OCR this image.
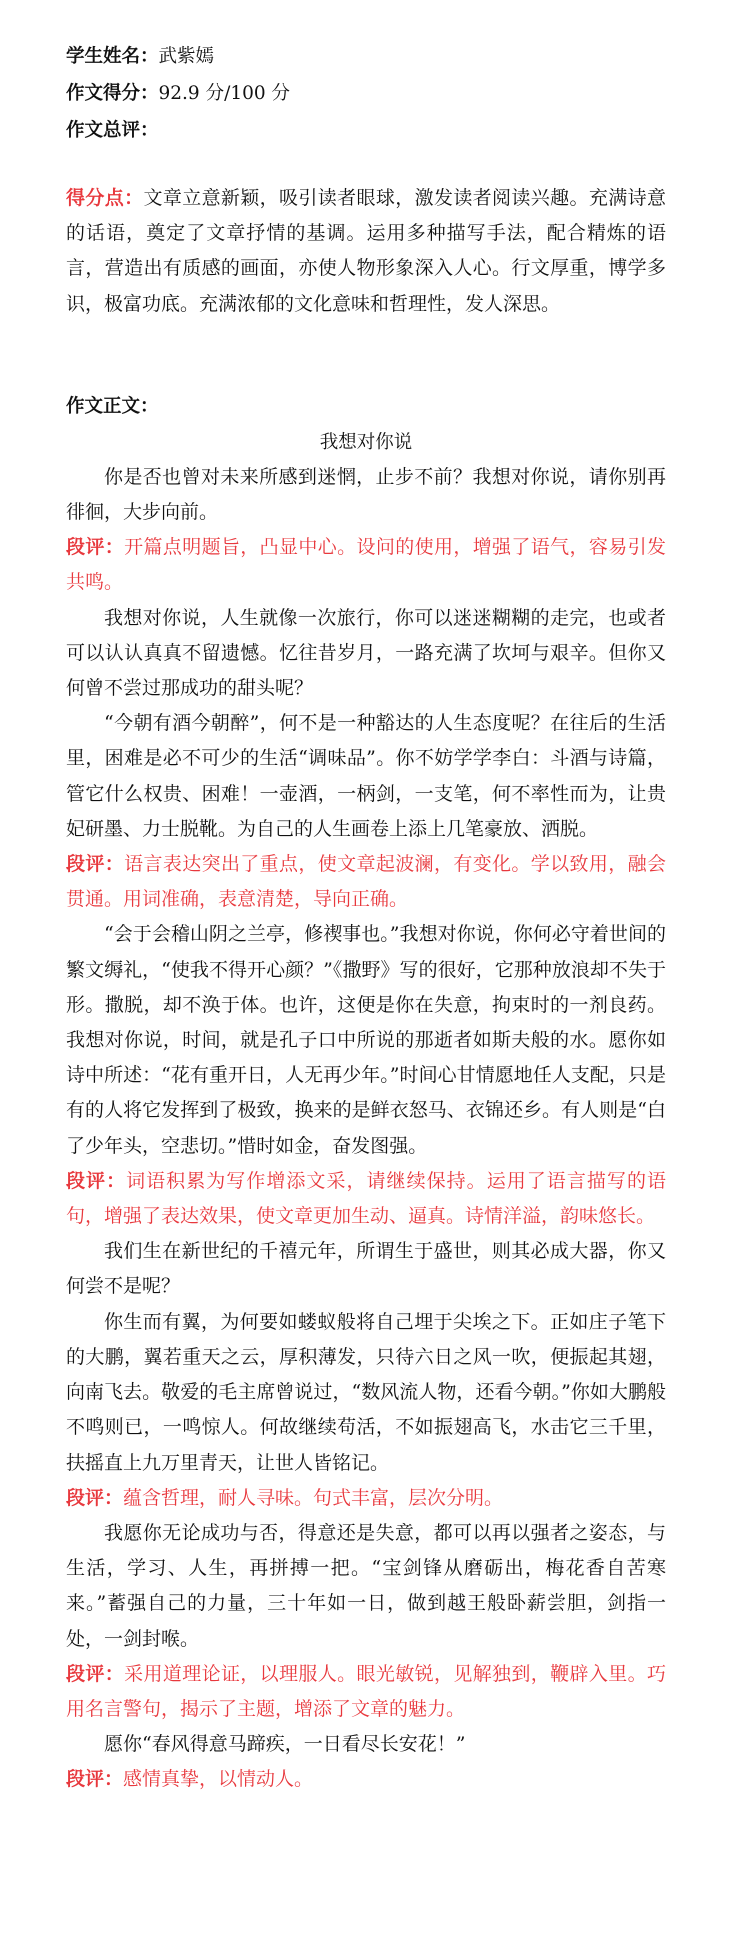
学生姓名：武紫嫣

作文得分：92.9 分/100 分

作文总评：

得分点：文章立意新颖，吸引读者眼球，激发读者阅读兴趣。充满诗意的话语，奠定了文章抒情的基调。运用多种描写手法，配合精炼的语言，营造出有质感的画面，亦使人物形象深入人心。行文厚重，博学多识，极富功底。充满浓郁的文化意味和哲理性，发人深思。

作文正文：

我想对你说

你是否也曾对未来所感到迷惘，止步不前？我想对你说，请你别再徘徊，大步向前。

段评：开篇点明题旨，凸显中心。设问的使用，增强了语气，容易引发共鸣。

我想对你说，人生就像一次旅行，你可以迷迷糊糊的走完，也或者可以认认真真不留遗憾。忆往昔岁月，一路充满了坎坷与艰辛。但你又何曾不尝过那成功的甜头呢？

“今朝有酒今朝醉”，何不是一种豁达的人生态度呢？在往后的生活里，困难是必不可少的生活“调味品”。你不妨学学李白：斗酒与诗篇，管它什么权贵、困难！一壶酒，一柄剑，一支笔，何不率性而为，让贵妃研墨、力士脱靴。为自己的人生画卷上添上几笔豪放、洒脱。

段评：语言表达突出了重点，使文章起波澜，有变化。学以致用，融会贯通。用词准确，表意清楚，导向正确。

“会于会稽山阴之兰亭，修禊事也。”我想对你说，你何必守着世间的繁文缛礼，“使我不得开心颜？”《撒野》写的很好，它那种放浪却不失于形。撒脱，却不涣于体。也许，这便是你在失意，拘束时的一剂良药。我想对你说，时间，就是孔子口中所说的那逝者如斯夫般的水。愿你如诗中所述：“花有重开日，人无再少年。”时间心甘情愿地任人支配，只是有的人将它发挥到了极致，换来的是鲜衣怒马、衣锦还乡。有人则是“白了少年头，空悲切。”惜时如金，奋发图强。

段评：词语积累为写作增添文采，请继续保持。运用了语言描写的语句，增强了表达效果，使文章更加生动、逼真。诗情洋溢，韵味悠长。

我们生在新世纪的千禧元年，所谓生于盛世，则其必成大器，你又何尝不是呢？

你生而有翼，为何要如蝼蚁般将自己埋于尖埃之下。正如庄子笔下的大鹏，翼若重天之云，厚积薄发，只待六日之风一吹，便振起其翅，向南飞去。敬爱的毛主席曾说过，“数风流人物，还看今朝。”你如大鹏般不鸣则已，一鸣惊人。何故继续苟活，不如振翅高飞，水击它三千里，扶摇直上九万里青天，让世人皆铭记。

段评：蕴含哲理，耐人寻味。句式丰富，层次分明。

我愿你无论成功与否，得意还是失意，都可以再以强者之姿态，与生活，学习、人生，再拼搏一把。“宝剑锋从磨砺出，梅花香自苦寒来。”蓄强自己的力量，三十年如一日，做到越王般卧薪尝胆，剑指一处，一剑封喉。

段评：采用道理论证，以理服人。眼光敏锐，见解独到，鞭辟入里。巧用名言警句，揭示了主题，增添了文章的魅力。

愿你“春风得意马蹄疾，一日看尽长安花！”

段评：感情真挚，以情动人。
